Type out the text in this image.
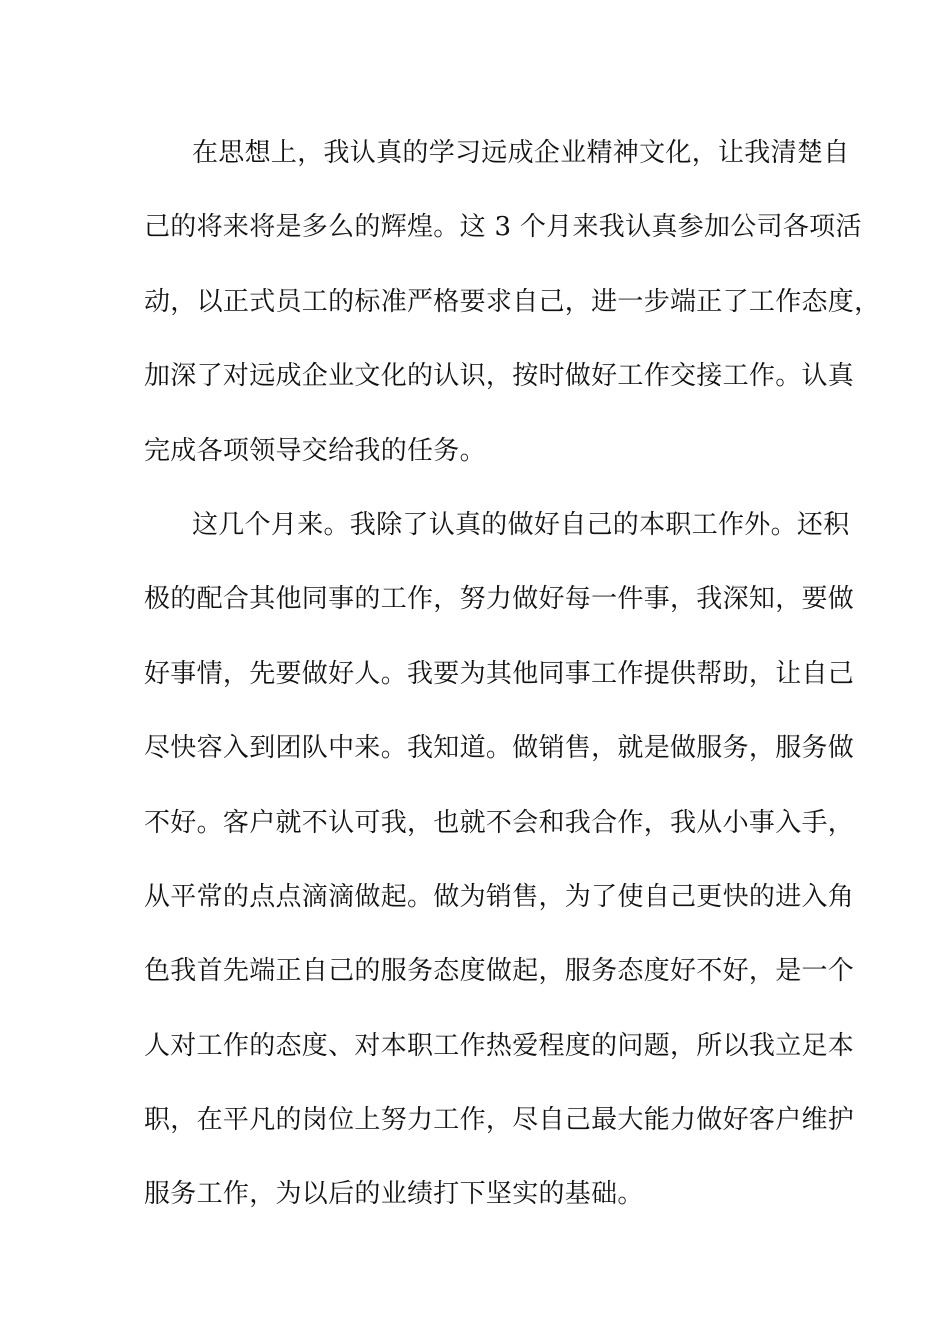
在思想上，我认真的学习远成企业精神文化，让我清楚自
己的将来将是多么的辉煌。这 3 个月来我认真参加公司各项活
动，以正式员工的标准严格要求自己，进一步端正了工作态度，
加深了对远成企业文化的认识，按时做好工作交接工作。认真
完成各项领导交给我的任务。
这几个月来。我除了认真的做好自己的本职工作外。还积
极的配合其他同事的工作，努力做好每一件事，我深知，要做
好事情，先要做好人。我要为其他同事工作提供帮助，让自己
尽快容入到团队中来。我知道。做销售，就是做服务，服务做
不好。客户就不认可我，也就不会和我合作，我从小事入手，
从平常的点点滴滴做起。做为销售，为了使自己更快的进入角
色我首先端正自己的服务态度做起，服务态度好不好，是一个
人对工作的态度、对本职工作热爱程度的问题，所以我立足本
职，在平凡的岗位上努力工作，尽自己最大能力做好客户维护
服务工作，为以后的业绩打下坚实的基础。
